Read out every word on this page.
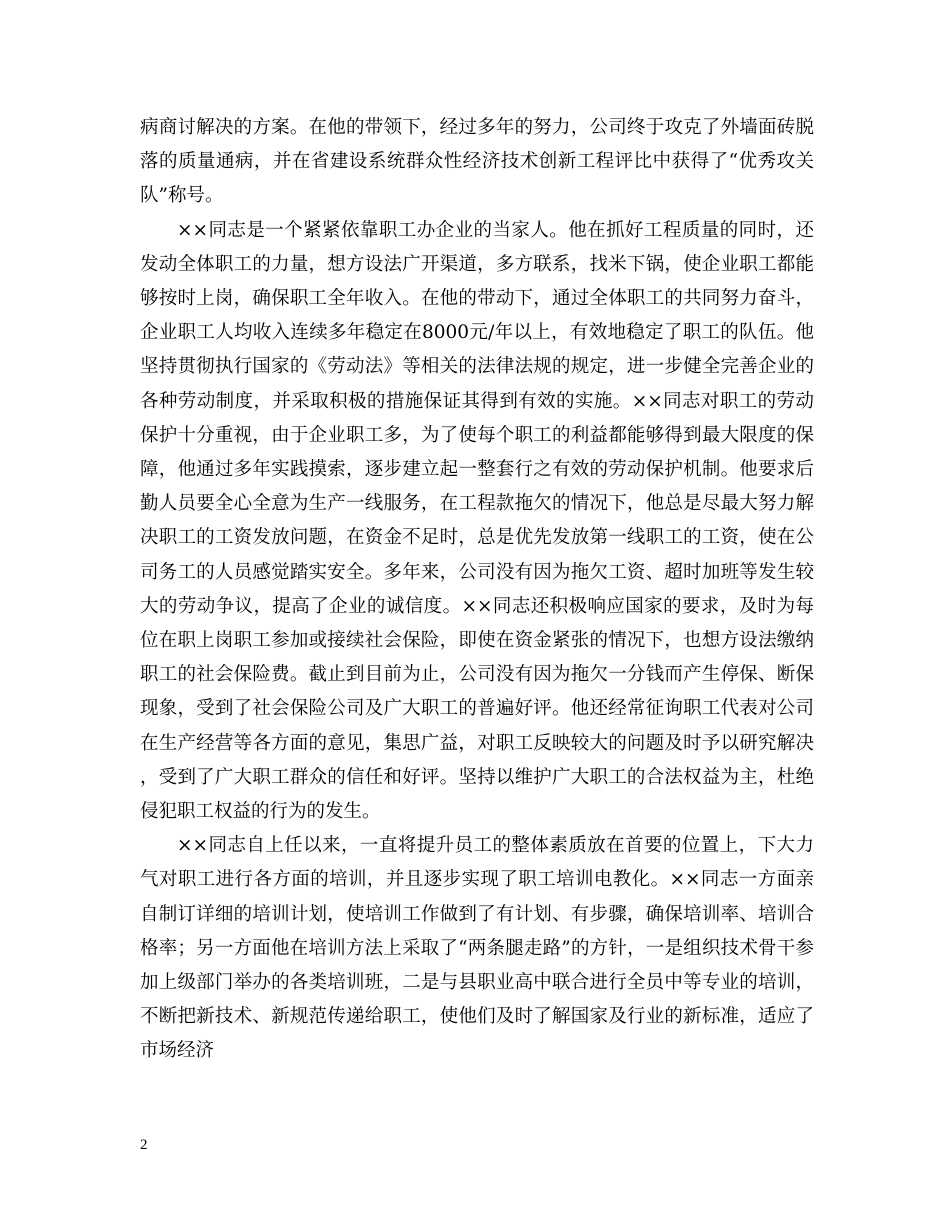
病商讨解决的方案。在他的带领下，经过多年的努力，公司终于攻克了外墙面砖脱落的质量通病，并在省建设系统群众性经济技术创新工程评比中获得了“优秀攻关队”称号。

××同志是一个紧紧依靠职工办企业的当家人。他在抓好工程质量的同时，还发动全体职工的力量，想方设法广开渠道，多方联系，找米下锅，使企业职工都能够按时上岗，确保职工全年收入。在他的带动下，通过全体职工的共同努力奋斗，企业职工人均收入连续多年稳定在8000元/年以上，有效地稳定了职工的队伍。他坚持贯彻执行国家的《劳动法》等相关的法律法规的规定，进一步健全完善企业的各种劳动制度，并采取积极的措施保证其得到有效的实施。××同志对职工的劳动保护十分重视，由于企业职工多，为了使每个职工的利益都能够得到最大限度的保障，他通过多年实践摸索，逐步建立起一整套行之有效的劳动保护机制。他要求后勤人员要全心全意为生产一线服务，在工程款拖欠的情况下，他总是尽最大努力解决职工的工资发放问题，在资金不足时，总是优先发放第一线职工的工资，使在公司务工的人员感觉踏实安全。多年来，公司没有因为拖欠工资、超时加班等发生较大的劳动争议，提高了企业的诚信度。××同志还积极响应国家的要求，及时为每位在职上岗职工参加或接续社会保险，即使在资金紧张的情况下，也想方设法缴纳职工的社会保险费。截止到目前为止，公司没有因为拖欠一分钱而产生停保、断保现象，受到了社会保险公司及广大职工的普遍好评。他还经常征询职工代表对公司在生产经营等各方面的意见，集思广益，对职工反映较大的问题及时予以研究解决，受到了广大职工群众的信任和好评。坚持以维护广大职工的合法权益为主，杜绝侵犯职工权益的行为的发生。

××同志自上任以来，一直将提升员工的整体素质放在首要的位置上，下大力气对职工进行各方面的培训，并且逐步实现了职工培训电教化。××同志一方面亲自制订详细的培训计划，使培训工作做到了有计划、有步骤，确保培训率、培训合格率；另一方面他在培训方法上采取了“两条腿走路”的方针，一是组织技术骨干参加上级部门举办的各类培训班，二是与县职业高中联合进行全员中等专业的培训，不断把新技术、新规范传递给职工，使他们及时了解国家及行业的新标准，适应了市场经济

2
